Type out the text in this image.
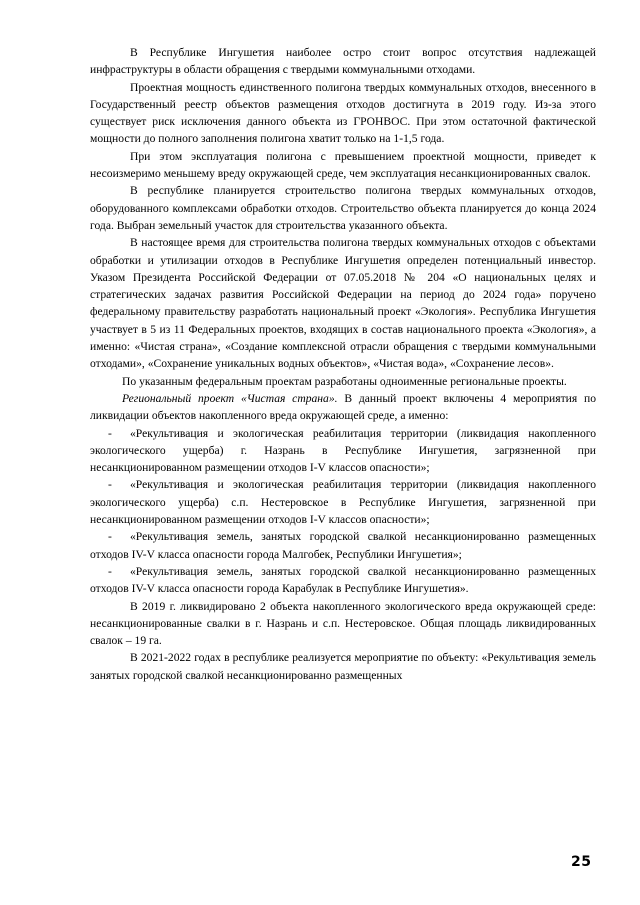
В Республике Ингушетия наиболее остро стоит вопрос отсутствия надлежащей инфраструктуры в области обращения с твердыми коммунальными отходами.

Проектная мощность единственного полигона твердых коммунальных отходов, внесенного в Государственный реестр объектов размещения отходов достигнута в 2019 году. Из-за этого существует риск исключения данного объекта из ГРОНВОС. При этом остаточной фактической мощности до полного заполнения полигона хватит только на 1-1,5 года.

При этом эксплуатация полигона с превышением проектной мощности, приведет к несоизмеримо меньшему вреду окружающей среде, чем эксплуатация несанкционированных свалок.

В республике планируется строительство полигона твердых коммунальных отходов, оборудованного комплексами обработки отходов. Строительство объекта планируется до конца 2024 года. Выбран земельный участок для строительства указанного объекта.

В настоящее время для строительства полигона твердых коммунальных отходов с объектами обработки и утилизации отходов в Республике Ингушетия определен потенциальный инвестор. Указом Президента Российской Федерации от 07.05.2018 № 204 «О национальных целях и стратегических задачах развития Российской Федерации на период до 2024 года» поручено федеральному правительству разработать национальный проект «Экология». Республика Ингушетия участвует в 5 из 11 Федеральных проектов, входящих в состав национального проекта «Экология», а именно: «Чистая страна», «Создание комплексной отрасли обращения с твердыми коммунальными отходами», «Сохранение уникальных водных объектов», «Чистая вода», «Сохранение лесов».

По указанным федеральным проектам разработаны одноименные региональные проекты.

Региональный проект «Чистая страна». В данный проект включены 4 мероприятия по ликвидации объектов накопленного вреда окружающей среде, а именно:

- «Рекультивация и экологическая реабилитация территории (ликвидация накопленного экологического ущерба) г. Назрань в Республике Ингушетия, загрязненной при несанкционированном размещении отходов I-V классов опасности»;

- «Рекультивация и экологическая реабилитация территории (ликвидация накопленного экологического ущерба) с.п. Нестеровское в Республике Ингушетия, загрязненной при несанкционированном размещении отходов I-V классов опасности»;

- «Рекультивация земель, занятых городской свалкой несанкционированно размещенных отходов IV-V класса опасности города Малгобек, Республики Ингушетия»;

- «Рекультивация земель, занятых городской свалкой несанкционированно размещенных отходов IV-V класса опасности города Карабулак в Республике Ингушетия».

В 2019 г. ликвидировано 2 объекта накопленного экологического вреда окружающей среде: несанкционированные свалки в г. Назрань и с.п. Нестеровское. Общая площадь ликвидированных свалок – 19 га.

В 2021-2022 годах в республике реализуется мероприятие по объекту: «Рекультивация земель занятых городской свалкой несанкционированно размещенных

25
